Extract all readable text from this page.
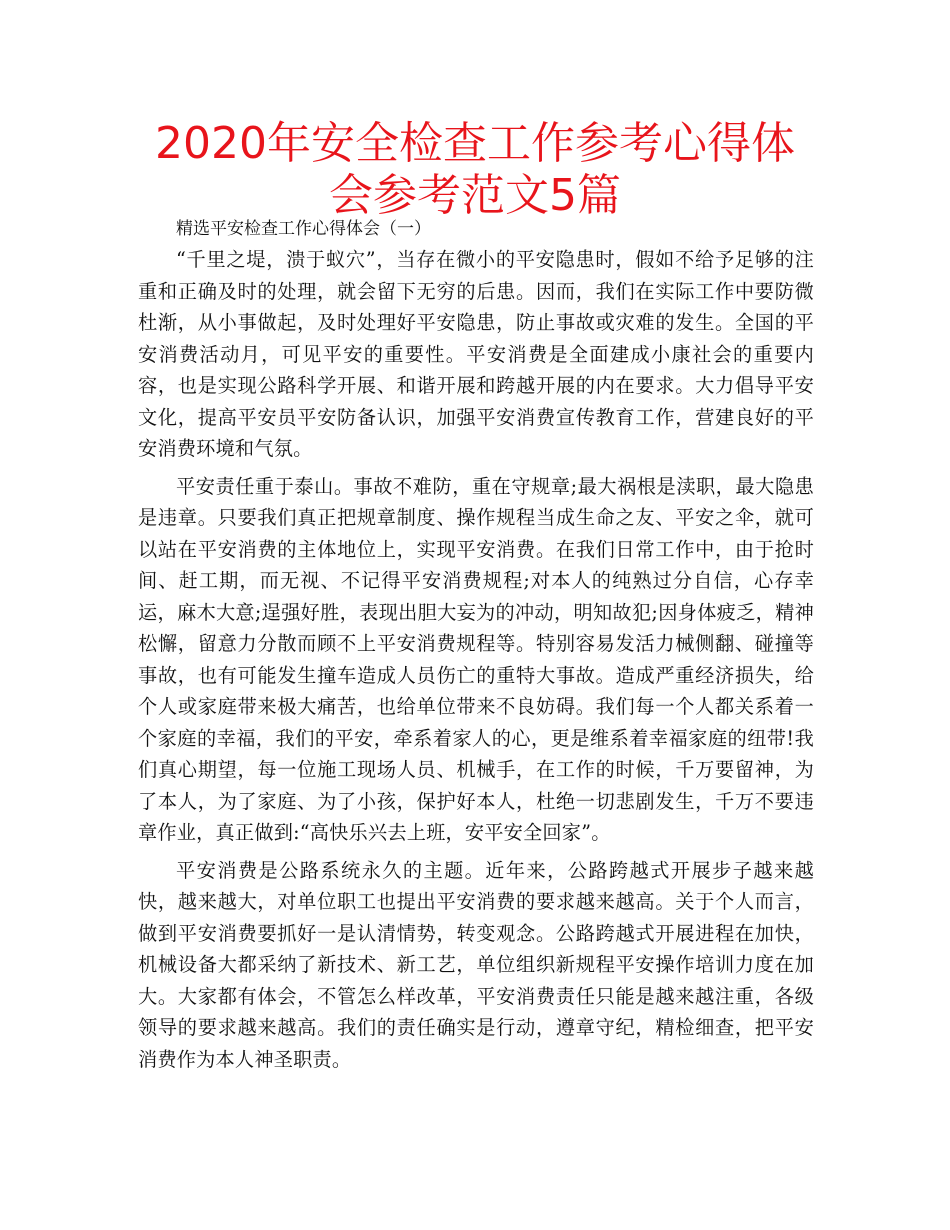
2020年安全检查工作参考心得体会参考范文5篇

精选平安检查工作心得体会（一）

“千里之堤，溃于蚁穴”，当存在微小的平安隐患时，假如不给予足够的注重和正确及时的处理，就会留下无穷的后患。因而，我们在实际工作中要防微杜渐，从小事做起，及时处理好平安隐患，防止事故或灾难的发生。全国的平安消费活动月，可见平安的重要性。平安消费是全面建成小康社会的重要内容，也是实现公路科学开展、和谐开展和跨越开展的内在要求。大力倡导平安文化，提高平安员平安防备认识，加强平安消费宣传教育工作，营建良好的平安消费环境和气氛。

平安责任重于泰山。事故不难防，重在守规章;最大祸根是渎职，最大隐患是违章。只要我们真正把规章制度、操作规程当成生命之友、平安之伞，就可以站在平安消费的主体地位上，实现平安消费。在我们日常工作中，由于抢时间、赶工期，而无视、不记得平安消费规程;对本人的纯熟过分自信，心存幸运，麻木大意;逞强好胜，表现出胆大妄为的冲动，明知故犯;因身体疲乏，精神松懈，留意力分散而顾不上平安消费规程等。特别容易发活力械侧翻、碰撞等事故，也有可能发生撞车造成人员伤亡的重特大事故。造成严重经济损失，给个人或家庭带来极大痛苦，也给单位带来不良妨碍。我们每一个人都关系着一个家庭的幸福，我们的平安，牵系着家人的心，更是维系着幸福家庭的纽带!我们真心期望，每一位施工现场人员、机械手，在工作的时候，千万要留神，为了本人，为了家庭、为了小孩，保护好本人，杜绝一切悲剧发生，千万不要违章作业，真正做到:“高快乐兴去上班，安平安全回家”。

平安消费是公路系统永久的主题。近年来，公路跨越式开展步子越来越快，越来越大，对单位职工也提出平安消费的要求越来越高。关于个人而言，做到平安消费要抓好一是认清情势，转变观念。公路跨越式开展进程在加快，机械设备大都采纳了新技术、新工艺，单位组织新规程平安操作培训力度在加大。大家都有体会，不管怎么样改革，平安消费责任只能是越来越注重，各级领导的要求越来越高。我们的责任确实是行动，遵章守纪，精检细查，把平安消费作为本人神圣职责。
